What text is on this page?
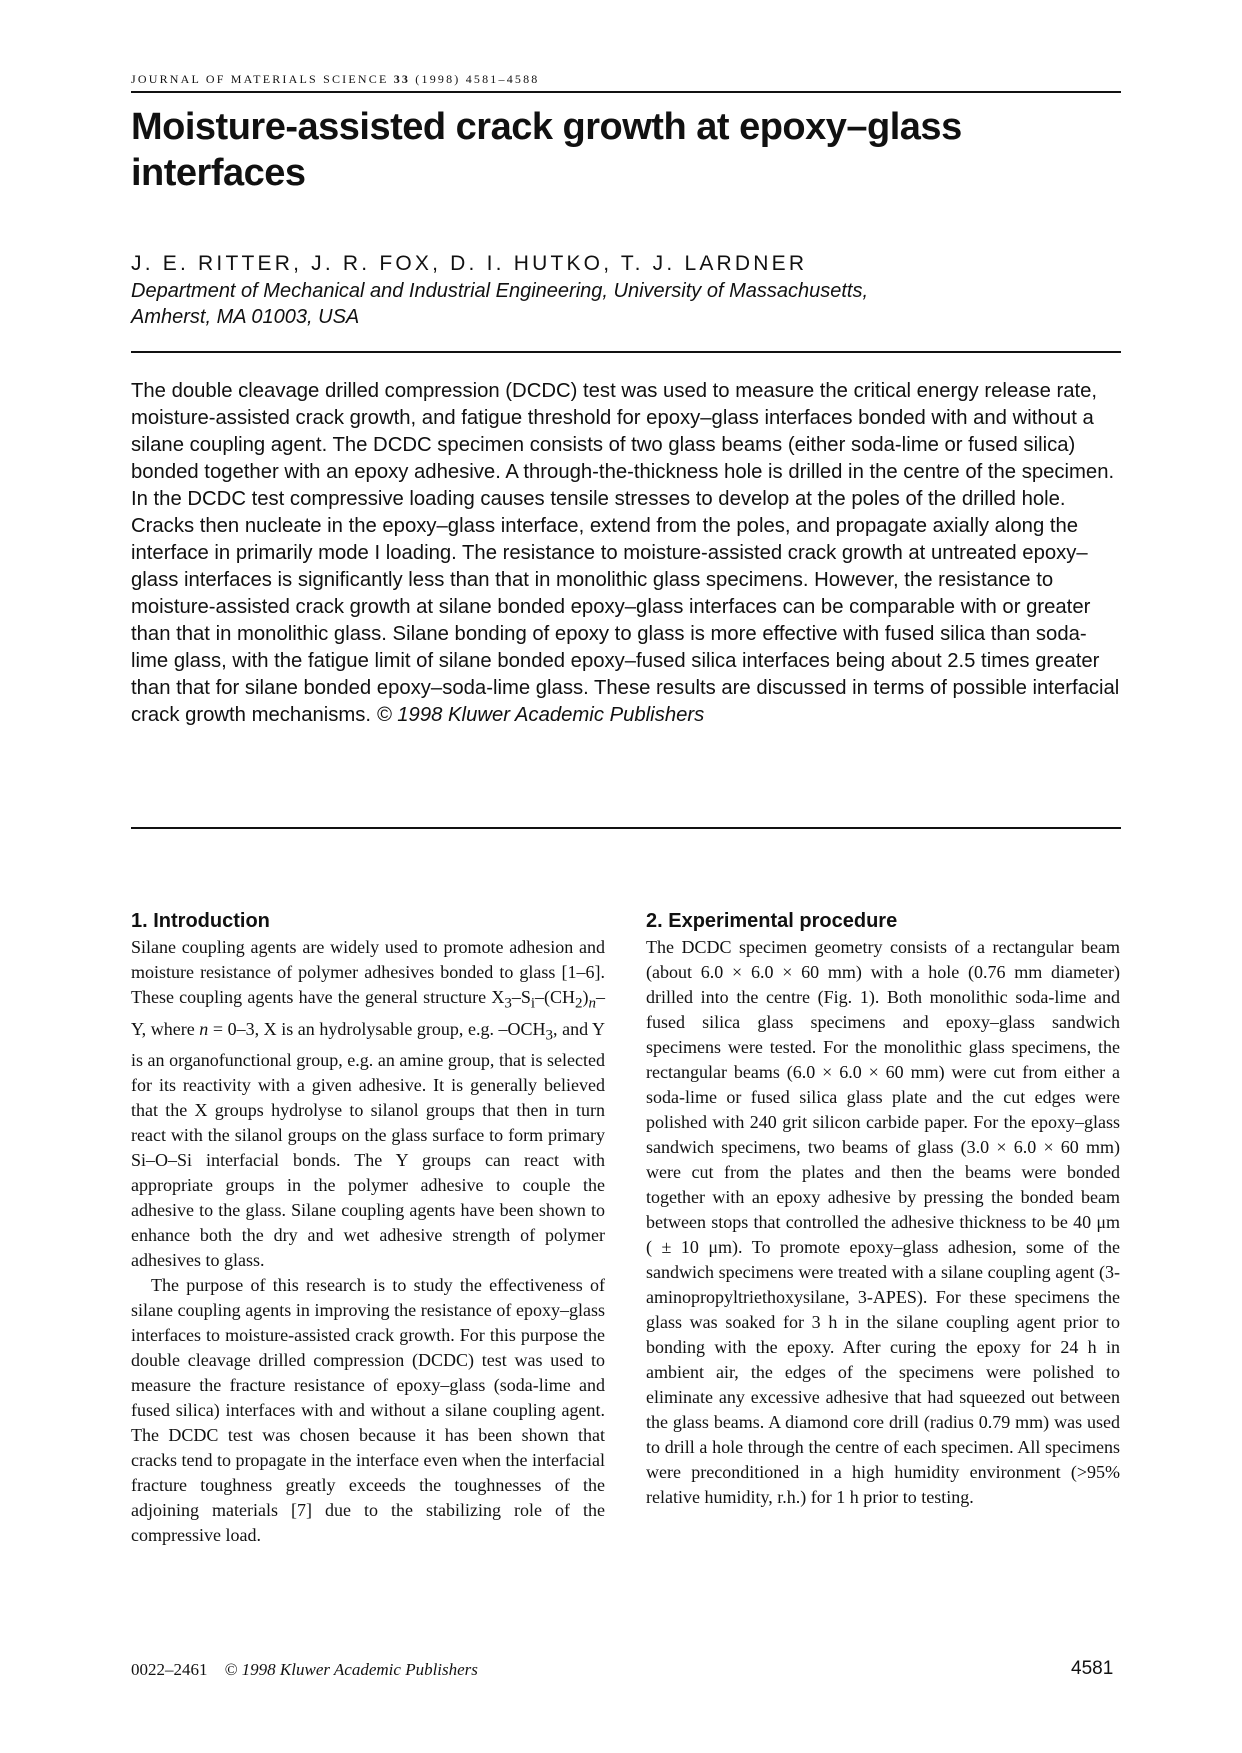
JOURNAL OF MATERIALS SCIENCE 33 (1998) 4581–4588
Moisture-assisted crack growth at epoxy–glass interfaces
J. E. RITTER, J. R. FOX, D. I. HUTKO, T. J. LARDNER
Department of Mechanical and Industrial Engineering, University of Massachusetts,
Amherst, MA 01003, USA

The double cleavage drilled compression (DCDC) test was used to measure the critical energy release rate, moisture-assisted crack growth, and fatigue threshold for epoxy–glass interfaces bonded with and without a silane coupling agent. The DCDC specimen consists of two glass beams (either soda-lime or fused silica) bonded together with an epoxy adhesive. A through-the-thickness hole is drilled in the centre of the specimen. In the DCDC test compressive loading causes tensile stresses to develop at the poles of the drilled hole. Cracks then nucleate in the epoxy–glass interface, extend from the poles, and propagate axially along the interface in primarily mode I loading. The resistance to moisture-assisted crack growth at untreated epoxy–glass interfaces is significantly less than that in monolithic glass specimens. However, the resistance to moisture-assisted crack growth at silane bonded epoxy–glass interfaces can be comparable with or greater than that in monolithic glass. Silane bonding of epoxy to glass is more effective with fused silica than soda-lime glass, with the fatigue limit of silane bonded epoxy–fused silica interfaces being about 2.5 times greater than that for silane bonded epoxy–soda-lime glass. These results are discussed in terms of possible interfacial crack growth mechanisms. © 1998 Kluwer Academic Publishers

1. Introduction

Silane coupling agents are widely used to promote adhesion and moisture resistance of polymer adhesives bonded to glass [1–6]. These coupling agents have the general structure $X_3-S_i-(CH_2)_n-Y$, where n = 0–3, X is an hydrolysable group, e.g. $-OCH_3$, and Y is an organofunctional group, e.g. an amine group, that is selected for its reactivity with a given adhesive. It is generally believed that the X groups hydrolyse to silanol groups that then in turn react with the silanol groups on the glass surface to form primary Si–O–Si interfacial bonds. The Y groups can react with appropriate groups in the polymer adhesive to couple the adhesive to the glass. Silane coupling agents have been shown to enhance both the dry and wet adhesive strength of polymer adhesives to glass.

The purpose of this research is to study the effectiveness of silane coupling agents in improving the resistance of epoxy–glass interfaces to moisture-assisted crack growth. For this purpose the double cleavage drilled compression (DCDC) test was used to measure the fracture resistance of epoxy–glass (soda-lime and fused silica) interfaces with and without a silane coupling agent. The DCDC test was chosen because it has been shown that cracks tend to propagate in the interface even when the interfacial fracture toughness greatly exceeds the toughnesses of the adjoining materials [7] due to the stabilizing role of the compressive load.

2. Experimental procedure

The DCDC specimen geometry consists of a rectangular beam (about 6.0 × 6.0 × 60 mm) with a hole (0.76 mm diameter) drilled into the centre (Fig. 1). Both monolithic soda-lime and fused silica glass specimens and epoxy–glass sandwich specimens were tested. For the monolithic glass specimens, the rectangular beams (6.0 × 6.0 × 60 mm) were cut from either a soda-lime or fused silica glass plate and the cut edges were polished with 240 grit silicon carbide paper. For the epoxy–glass sandwich specimens, two beams of glass (3.0 × 6.0 × 60 mm) were cut from the plates and then the beams were bonded together with an epoxy adhesive by pressing the bonded beam between stops that controlled the adhesive thickness to be 40 μm ( ± 10 μm). To promote epoxy–glass adhesion, some of the sandwich specimens were treated with a silane coupling agent (3-aminopropyltriethoxysilane, 3-APES). For these specimens the glass was soaked for 3 h in the silane coupling agent prior to bonding with the epoxy. After curing the epoxy for 24 h in ambient air, the edges of the specimens were polished to eliminate any excessive adhesive that had squeezed out between the glass beams. A diamond core drill (radius 0.79 mm) was used to drill a hole through the centre of each specimen. All specimens were preconditioned in a high humidity environment (>95% relative humidity, r.h.) for 1 h prior to testing.

0022–2461 © 1998 Kluwer Academic Publishers	4581
